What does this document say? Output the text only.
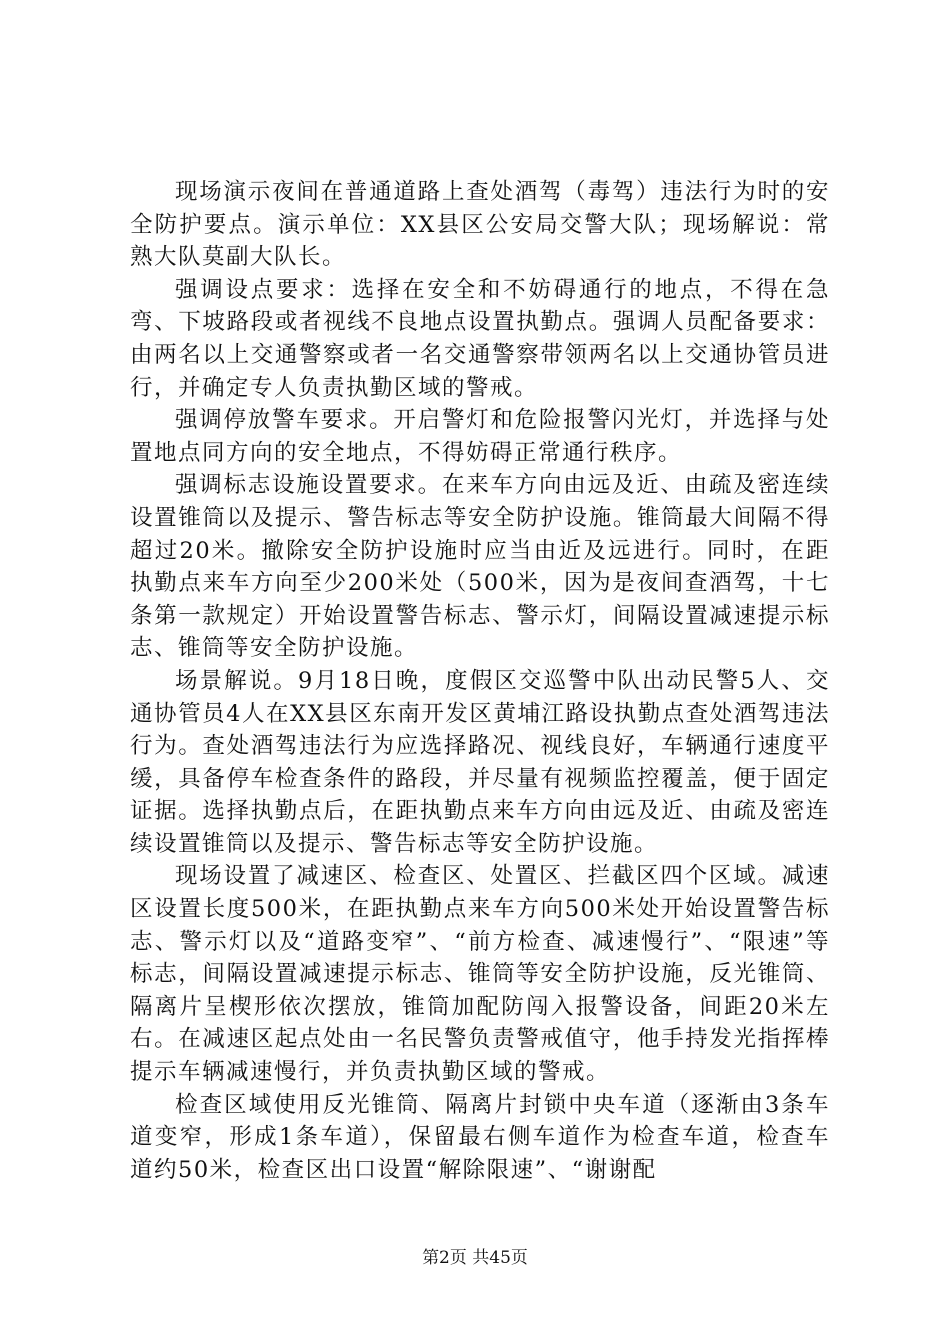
现场演示夜间在普通道路上查处酒驾（毒驾）违法行为时的安全防护要点。演示单位：XX县区公安局交警大队；现场解说：常熟大队莫副大队长。

强调设点要求：选择在安全和不妨碍通行的地点，不得在急弯、下坡路段或者视线不良地点设置执勤点。强调人员配备要求：由两名以上交通警察或者一名交通警察带领两名以上交通协管员进行，并确定专人负责执勤区域的警戒。

强调停放警车要求。开启警灯和危险报警闪光灯，并选择与处置地点同方向的安全地点，不得妨碍正常通行秩序。

强调标志设施设置要求。在来车方向由远及近、由疏及密连续设置锥筒以及提示、警告标志等安全防护设施。锥筒最大间隔不得超过20米。撤除安全防护设施时应当由近及远进行。同时，在距执勤点来车方向至少200米处（500米，因为是夜间查酒驾，十七条第一款规定）开始设置警告标志、警示灯，间隔设置减速提示标志、锥筒等安全防护设施。

场景解说。9月18日晚，度假区交巡警中队出动民警5人、交通协管员4人在XX县区东南开发区黄埔江路设执勤点查处酒驾违法行为。查处酒驾违法行为应选择路况、视线良好，车辆通行速度平缓，具备停车检查条件的路段，并尽量有视频监控覆盖，便于固定证据。选择执勤点后，在距执勤点来车方向由远及近、由疏及密连续设置锥筒以及提示、警告标志等安全防护设施。

现场设置了减速区、检查区、处置区、拦截区四个区域。减速区设置长度500米，在距执勤点来车方向500米处开始设置警告标志、警示灯以及“道路变窄”、“前方检查、减速慢行”、“限速”等标志，间隔设置减速提示标志、锥筒等安全防护设施，反光锥筒、隔离片呈楔形依次摆放，锥筒加配防闯入报警设备，间距20米左右。在减速区起点处由一名民警负责警戒值守，他手持发光指挥棒提示车辆减速慢行，并负责执勤区域的警戒。

检查区域使用反光锥筒、隔离片封锁中央车道（逐渐由3条车道变窄，形成1条车道），保留最右侧车道作为检查车道，检查车道约50米，检查区出口设置“解除限速”、“谢谢配

第2页 共45页
